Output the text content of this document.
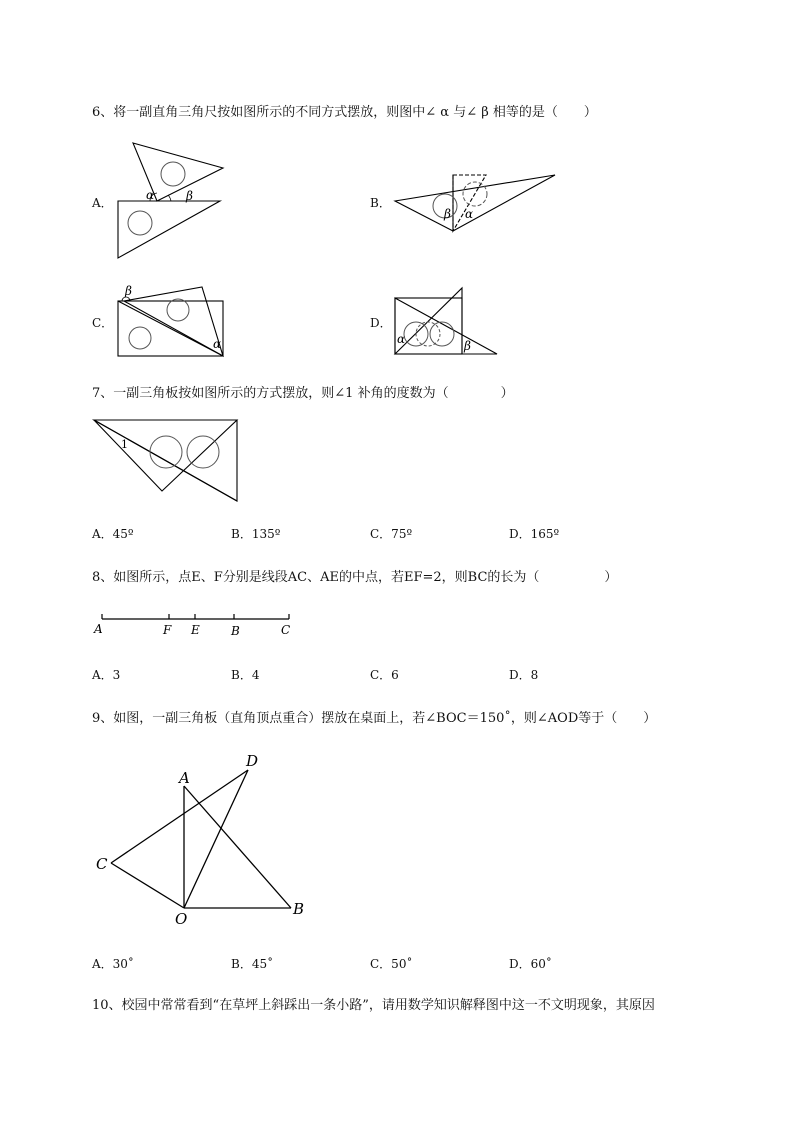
6、将一副直角三角尺按如图所示的不同方式摆放，则图中∠ α 与∠ β 相等的是（　　）
A．
α	β	B．
β α
C．
β
α
D．
α	β
7、一副三角板按如图所示的方式摆放，则∠1 补角的度数为（　　　　）
1
A．45º	B．135º	C．75º	D．165º
8、如图所示，点E、F分别是线段AC、AE的中点，若EF=2，则BC的长为（　　　　　）
A	F E	B	C
A．3	B．4	C．6	D．8
9、如图，一副三角板（直角顶点重合）摆放在桌面上，若∠BOC＝150˚，则∠AOD等于（　　）
A
D
C
O
B
A．30˚	B．45˚	C．50˚	D．60˚
10、校园中常常看到“在草坪上斜踩出一条小路”，请用数学知识解释图中这一不文明现象，其原因
